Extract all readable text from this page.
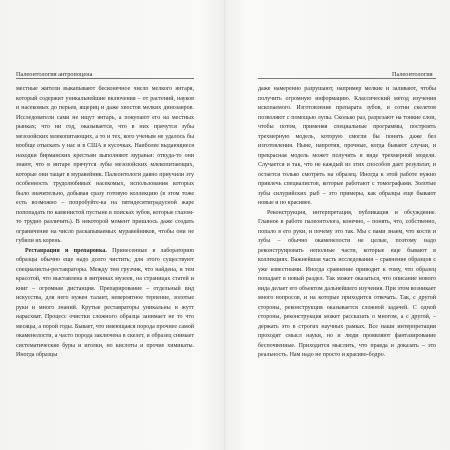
Палеонтология антропоцена	Палеонтология

местные жители выкапывают бесконечное число мелкого янтаря, который содержит уникальнейшие включения – от растений, науков и насекомых до перьев, ящериц и даже хвостов мелких динозавров. Исследователи сами не ищут янтарь, а покупают его на местных рынках; что ни год, оказывается, что в них прячутся зубы мезозойских млекопитающих, а то и тех, кого ученым не удалось бы вообще отыскать у нас и в США в кусочках. Наиболее выдающиеся находки бирманских крестьян выполняют муравьи: откуда-то они знают, что в янтаре прячутся зубы мезозойских млекопитающих, которые они тащат в муравейник. Палеонтологи давно приучили эту особенность трудолюбивых насекомых, использования которых было значительно, добывая сразу готовую коллекцию (в этом тоже есть возможно – попробуйте-ка на пятидесятиградусной жаре попопадать по каменистой пустыне в поисках зубов, которые глазом-то трудно различить). В некоторой момент пришлось даже создать ограничение на число раскапываемых муравейников, чтобы они не губили их корень.

Реставрация и препаровка. Принесенные в лабораторию образцы обычно еще надо долго чистить; для этого существуют специалисты-реставраторы. Между тем грузчик, что найдена, и тем красотой, что выставлена в витринах музеев, на страницах статей и книг – огромная дистанция. Препарирование – отдельный вид искусства, для него нужен талант, невероятное терпение, золотые руки и много знаний. Крутые реставраторы уникальны и жутт нарасхват. Процесс очистки сложного образца занимает не то что месяцы, а порой годы. Бывает, что имеющаяся порода прочнее самой окаменелости, а часто порода заключена в скелет, и образец снимает систематические буры и иголки, но кислоты и прочие химикаты. Иногда образцы

даже намеренно разрушают, например мелкие и заливают, чтобы получить огромную информацию. Классический метод изучения ископаемого. Изготовление препарата зубов, и сотни скелетов позволяют с помощью лупы. Сколько раз, разрезают на тонкие слои, чтобы потом, применяя специальные программы, построить трехмерную модель, которую смогли бы понять даже без изготовления. Ныне, напротив, прочные, когда бывают случаи, и прекрасная модель может получить в виде трехмерной модели. Случается и так, что не каждый из этих способов дает результат, и остается только смотреть на образец. Иногда к этой работе нужно привлечь специалистов, которые работают с томографами. Золотые зубы силурийских рыб – это примеры, как образцы еще бывают новые и по красивее.

Реконструкция, интерпретация, публикация и обсуждение. Главное в работе палеонтолога, конечно, – понять, что, собственно, попало в его руки, и почему это так. Мы с вами знаем, что кости и зубы – обычно окаменелости не целые, поэтому надо реконструировать неполные части, которые еще бывают в коллекциях. Важнейшая часть исследования – сравнение образцов с уже известными. Иногда сравнение приводит к тому, что образец попадает в новый раздел. Так может оказаться, что описание нового вида делает его объектом дальнейшего изучения. При этом возникает много вопросов, и на которые приходится отвечать. Так, с другой стороны, реконструкция оказывается сложной задачей. С одной стороны, реконструкция может рассказать о многом, а с другой, – держать это в строгих научных рамках. Все наши интерпретации проходят смысл науки, но и люди проявляют фантазирование беспочвенные. Приходится мыслить, что правда и доказать – это реальность. Нам надо не просто и красиво-бодро.
